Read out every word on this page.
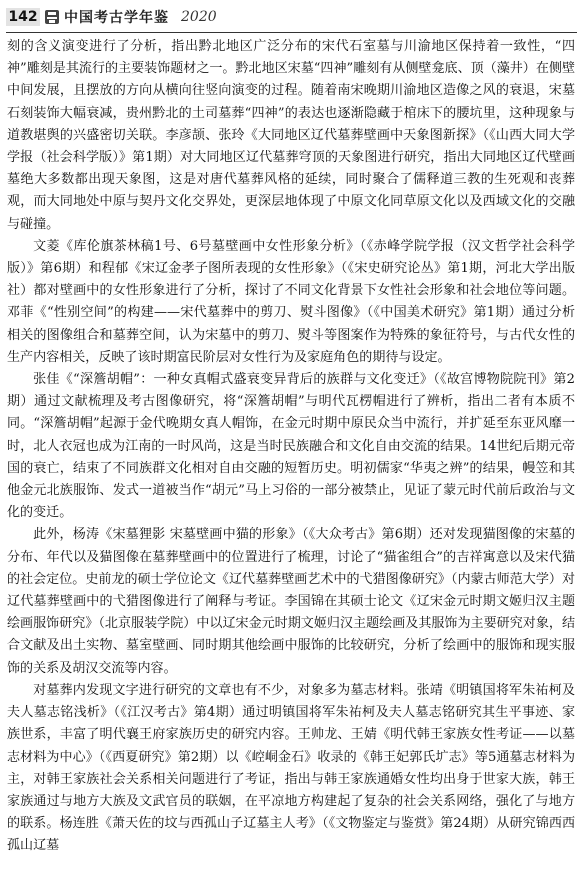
142 中国考古学年鉴 2020

刻的含义演变进行了分析，指出黔北地区广泛分布的宋代石室墓与川渝地区保持着一致性，“四神”雕刻是其流行的主要装饰题材之一。黔北地区宋墓“四神”雕刻有从侧壁龛底、顶（藻井）在侧壁中间发展，且摆放的方向从横向往竖向演变的过程。随着南宋晚期川渝地区造像之风的衰退，宋墓石刻装饰大幅衰减，贵州黔北的土司墓葬“四神”的表达也逐渐隐藏于棺床下的腰坑里，这种现象与道教堪舆的兴盛密切关联。李彦颉、张玲《大同地区辽代墓葬壁画中天象图新探》（《山西大同大学学报（社会科学版）》第1期）对大同地区辽代墓葬穹顶的天象图进行研究，指出大同地区辽代壁画墓绝大多数都出现天象图，这是对唐代墓葬风格的延续，同时聚合了儒释道三教的生死观和丧葬观，而大同地处中原与契丹文化交界处，更深层地体现了中原文化同草原文化以及西域文化的交融与碰撞。

文菱《库伦旗茶林稿1号、6号墓壁画中女性形象分析》（《赤峰学院学报（汉文哲学社会科学版）》第6期）和程郁《宋辽金孝子图所表现的女性形象》（《宋史研究论丛》第1期，河北大学出版社）都对壁画中的女性形象进行了分析，探讨了不同文化背景下女性社会形象和社会地位等问题。邓菲《“性别空间”的构建——宋代墓葬中的剪刀、熨斗图像》（《中国美术研究》第1期）通过分析相关的图像组合和墓葬空间，认为宋墓中的剪刀、熨斗等图案作为特殊的象征符号，与古代女性的生产内容相关，反映了该时期富民阶层对女性行为及家庭角色的期待与设定。

张佳《“深簷胡帽”：一种女真帽式盛衰变异背后的族群与文化变迁》（《故宫博物院院刊》第2期）通过文献梳理及考古图像研究，将“深簷胡帽”与明代瓦楞帽进行了辨析，指出二者有本质不同。“深簷胡帽”起源于金代晚期女真人帽饰，在金元时期中原民众当中流行，并扩延至东亚风靡一时，北人衣冠也成为江南的一时风尚，这是当时民族融合和文化自由交流的结果。14世纪后期元帝国的衰亡，结束了不同族群文化相对自由交融的短暂历史。明初儒家“华夷之辨”的结果，幔笠和其他金元北族服饰、发式一道被当作“胡元”马上习俗的一部分被禁止，见证了蒙元时代前后政治与文化的变迁。

此外，杨涛《宋墓狸影 宋墓壁画中猫的形象》（《大众考古》第6期）还对发现猫图像的宋墓的分布、年代以及猫图像在墓葬壁画中的位置进行了梳理，讨论了“猫雀组合”的吉祥寓意以及宋代猫的社会定位。史前龙的硕士学位论文《辽代墓葬壁画艺术中的弋猎图像研究》（内蒙古师范大学）对辽代墓葬壁画中的弋猎图像进行了阐释与考证。李国锦在其硕士论文《辽宋金元时期文姬归汉主题绘画服饰研究》（北京服装学院）中以辽宋金元时期文姬归汉主题绘画及其服饰为主要研究对象，结合文献及出土实物、墓室壁画、同时期其他绘画中服饰的比较研究，分析了绘画中的服饰和现实服饰的关系及胡汉交流等内容。

对墓葬内发现文字进行研究的文章也有不少，对象多为墓志材料。张靖《明镇国将军朱祐柯及夫人墓志铭浅析》（《江汉考古》第4期）通过明镇国将军朱祐柯及夫人墓志铭研究其生平事迹、家族世系，丰富了明代襄王府家族历史的研究内容。王帅龙、王婧《明代韩王家族女性考证——以墓志材料为中心》（《西夏研究》第2期）以《崆峒金石》收录的《韩王妃郭氏圹志》等5通墓志材料为主，对韩王家族社会关系相关问题进行了考证，指出与韩王家族通婚女性均出身于世家大族，韩王家族通过与地方大族及文武官员的联姻，在平凉地方构建起了复杂的社会关系网络，强化了与地方的联系。杨连胜《萧天佐的坟与西孤山子辽墓主人考》（《文物鉴定与鉴赏》第24期）从研究锦西西孤山辽墓
